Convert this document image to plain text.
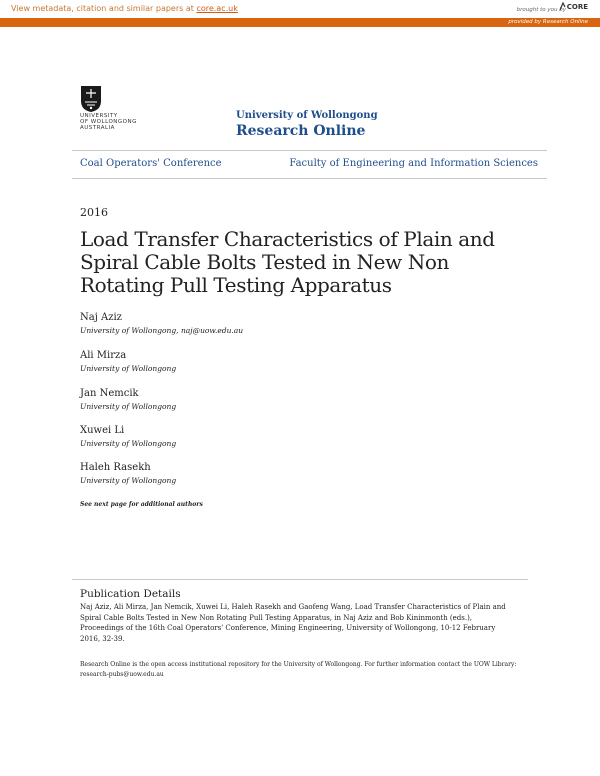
View metadata, citation and similar papers at core.ac.uk	brought to you by CORE
provided by Research Online
UNIVERSITY
OF WOLLONGONG
AUSTRALIA
University of Wollongong
Research Online
Coal Operators' Conference	Faculty of Engineering and Information Sciences
2016
Load Transfer Characteristics of Plain and Spiral Cable Bolts Tested in New Non Rotating Pull Testing Apparatus
Naj Aziz
University of Wollongong, naj@uow.edu.au
Ali Mirza
University of Wollongong
Jan Nemcik
University of Wollongong
Xuwei Li
University of Wollongong
Haleh Rasekh
University of Wollongong
See next page for additional authors
Publication Details
Naj Aziz, Ali Mirza, Jan Nemcik, Xuwei Li, Haleh Rasekh and Gaofeng Wang, Load Transfer Characteristics of Plain and Spiral Cable Bolts Tested in New Non Rotating Pull Testing Apparatus, in Naj Aziz and Bob Kininmonth (eds.), Proceedings of the 16th Coal Operators' Conference, Mining Engineering, University of Wollongong, 10-12 February 2016, 32-39.
Research Online is the open access institutional repository for the University of Wollongong. For further information contact the UOW Library: research-pubs@uow.edu.au
